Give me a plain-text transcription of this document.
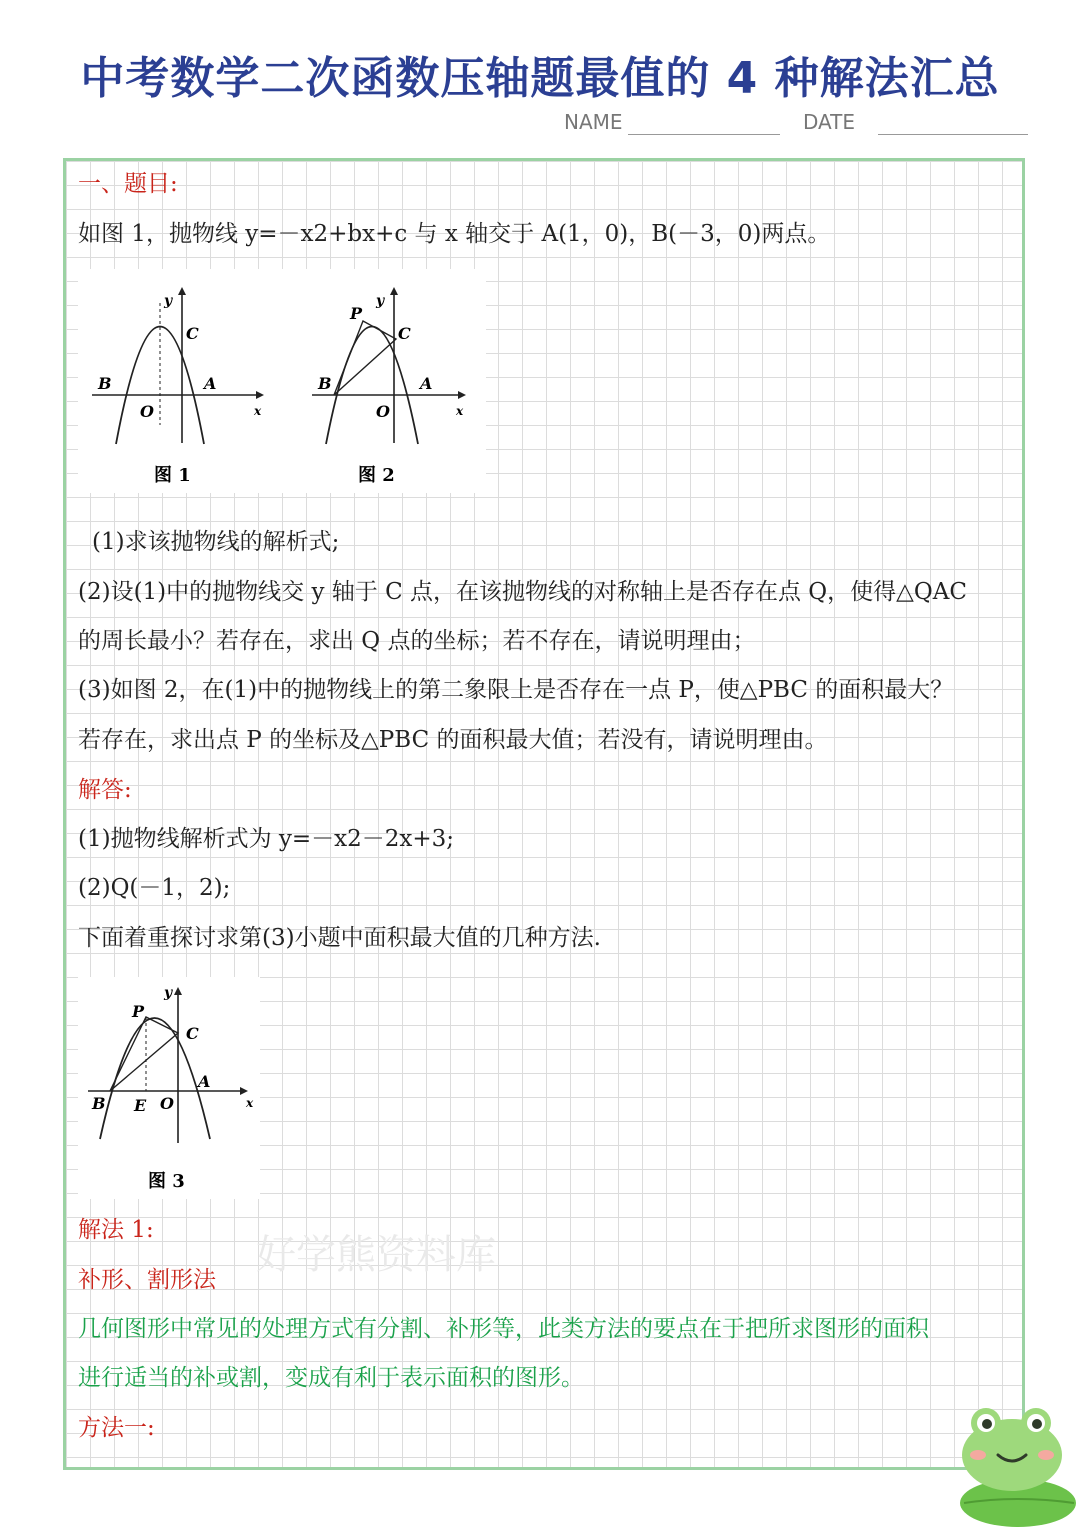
中考数学二次函数压轴题最值的 4 种解法汇总
NAME	DATE
一、题目:
如图 1，抛物线 y=－x2+bx+c 与 x 轴交于 A(1，0)，B(－3，0)两点。
y
x
C
B	A
O
图 1
y
x
P
C
B	A
O
图 2
(1)求该抛物线的解析式;
(2)设(1)中的抛物线交 y 轴于 C 点，在该抛物线的对称轴上是否存在点 Q，使得△QAC
的周长最小？若存在，求出 Q 点的坐标；若不存在，请说明理由；
(3)如图 2，在(1)中的抛物线上的第二象限上是否存在一点 P，使△PBC 的面积最大？
若存在，求出点 P 的坐标及△PBC 的面积最大值；若没有，请说明理由。
解答:
(1)抛物线解析式为 y=－x2－2x+3;
(2)Q(－1，2);
下面着重探讨求第(3)小题中面积最大值的几种方法.
y
x
P
C
B
A
E O
图 3
好学熊资料库
解法 1:
补形、割形法
几何图形中常见的处理方式有分割、补形等，此类方法的要点在于把所求图形的面积
进行适当的补或割，变成有利于表示面积的图形。
方法一:
